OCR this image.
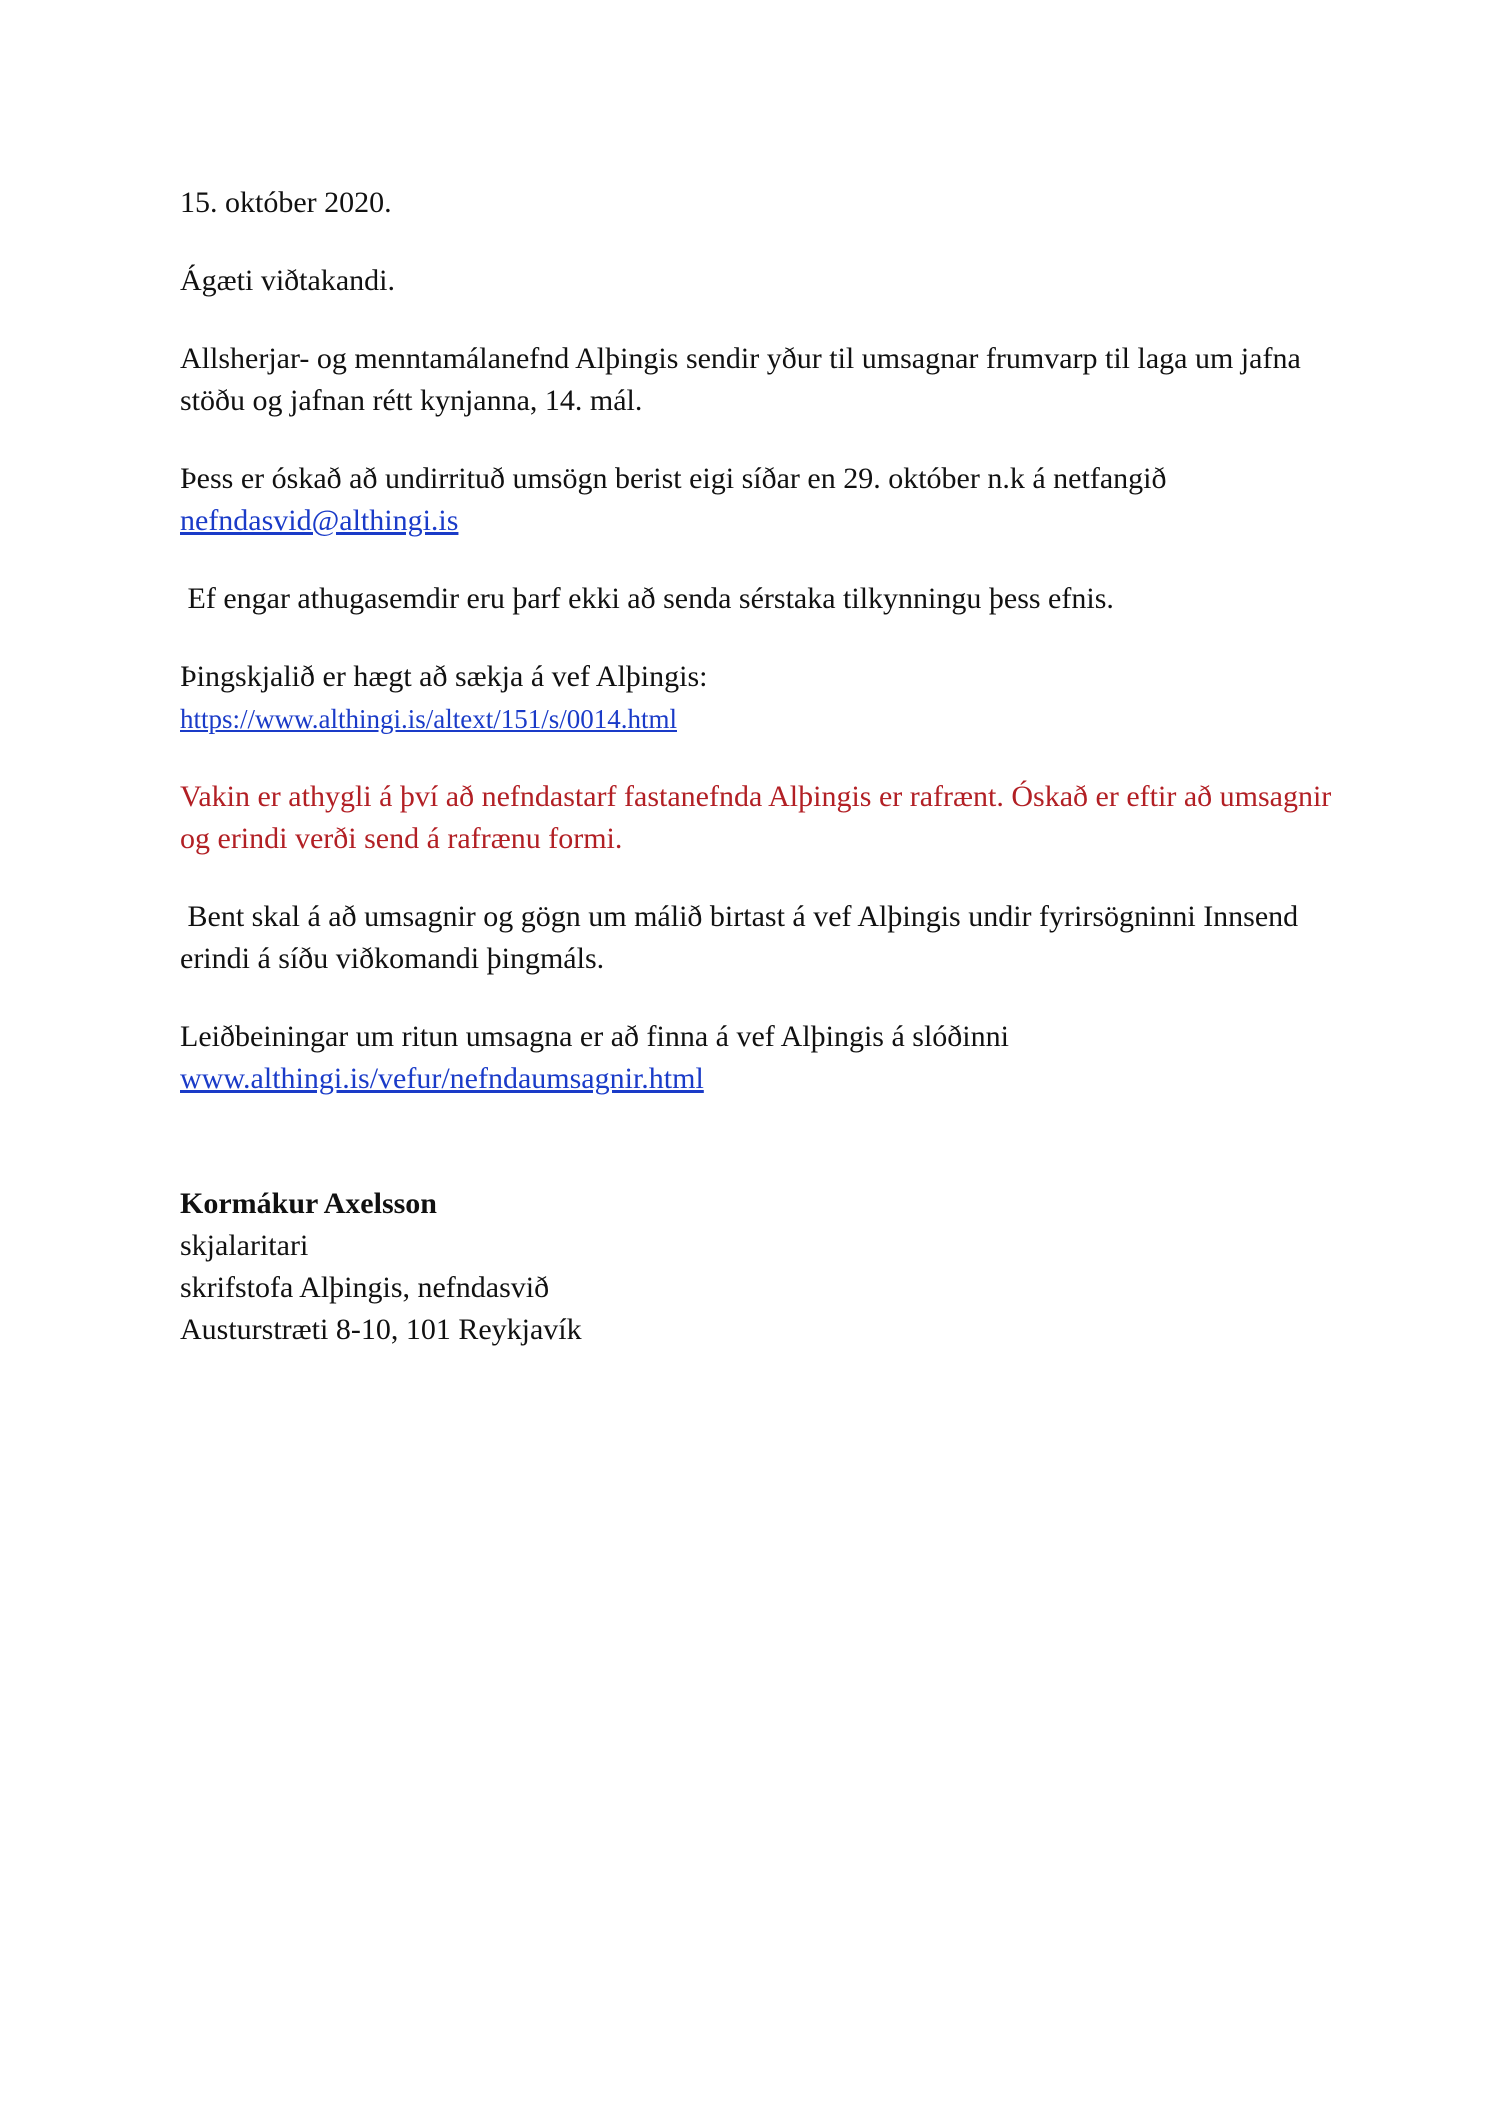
15. október 2020.

Ágæti viðtakandi.

Allsherjar- og menntamálanefnd Alþingis sendir yður til umsagnar frumvarp til laga um jafna stöðu og jafnan rétt kynjanna, 14. mál.

Þess er óskað að undirrituð umsögn berist eigi síðar en 29. október n.k á netfangið
nefndasvid@althingi.is

Ef engar athugasemdir eru þarf ekki að senda sérstaka tilkynningu þess efnis.

Þingskjalið er hægt að sækja á vef Alþingis:
https://www.althingi.is/altext/151/s/0014.html

Vakin er athygli á því að nefndastarf fastanefnda Alþingis er rafrænt. Óskað er eftir að umsagnir og erindi verði send á rafrænu formi.

Bent skal á að umsagnir og gögn um málið birtast á vef Alþingis undir fyrirsögninni Innsend erindi á síðu viðkomandi þingmáls.

Leiðbeiningar um ritun umsagna er að finna á vef Alþingis á slóðinni
www.althingi.is/vefur/nefndaumsagnir.html

Kormákur Axelsson
skjalaritari
skrifstofa Alþingis, nefndasvið
Austurstræti 8-10, 101 Reykjavík
